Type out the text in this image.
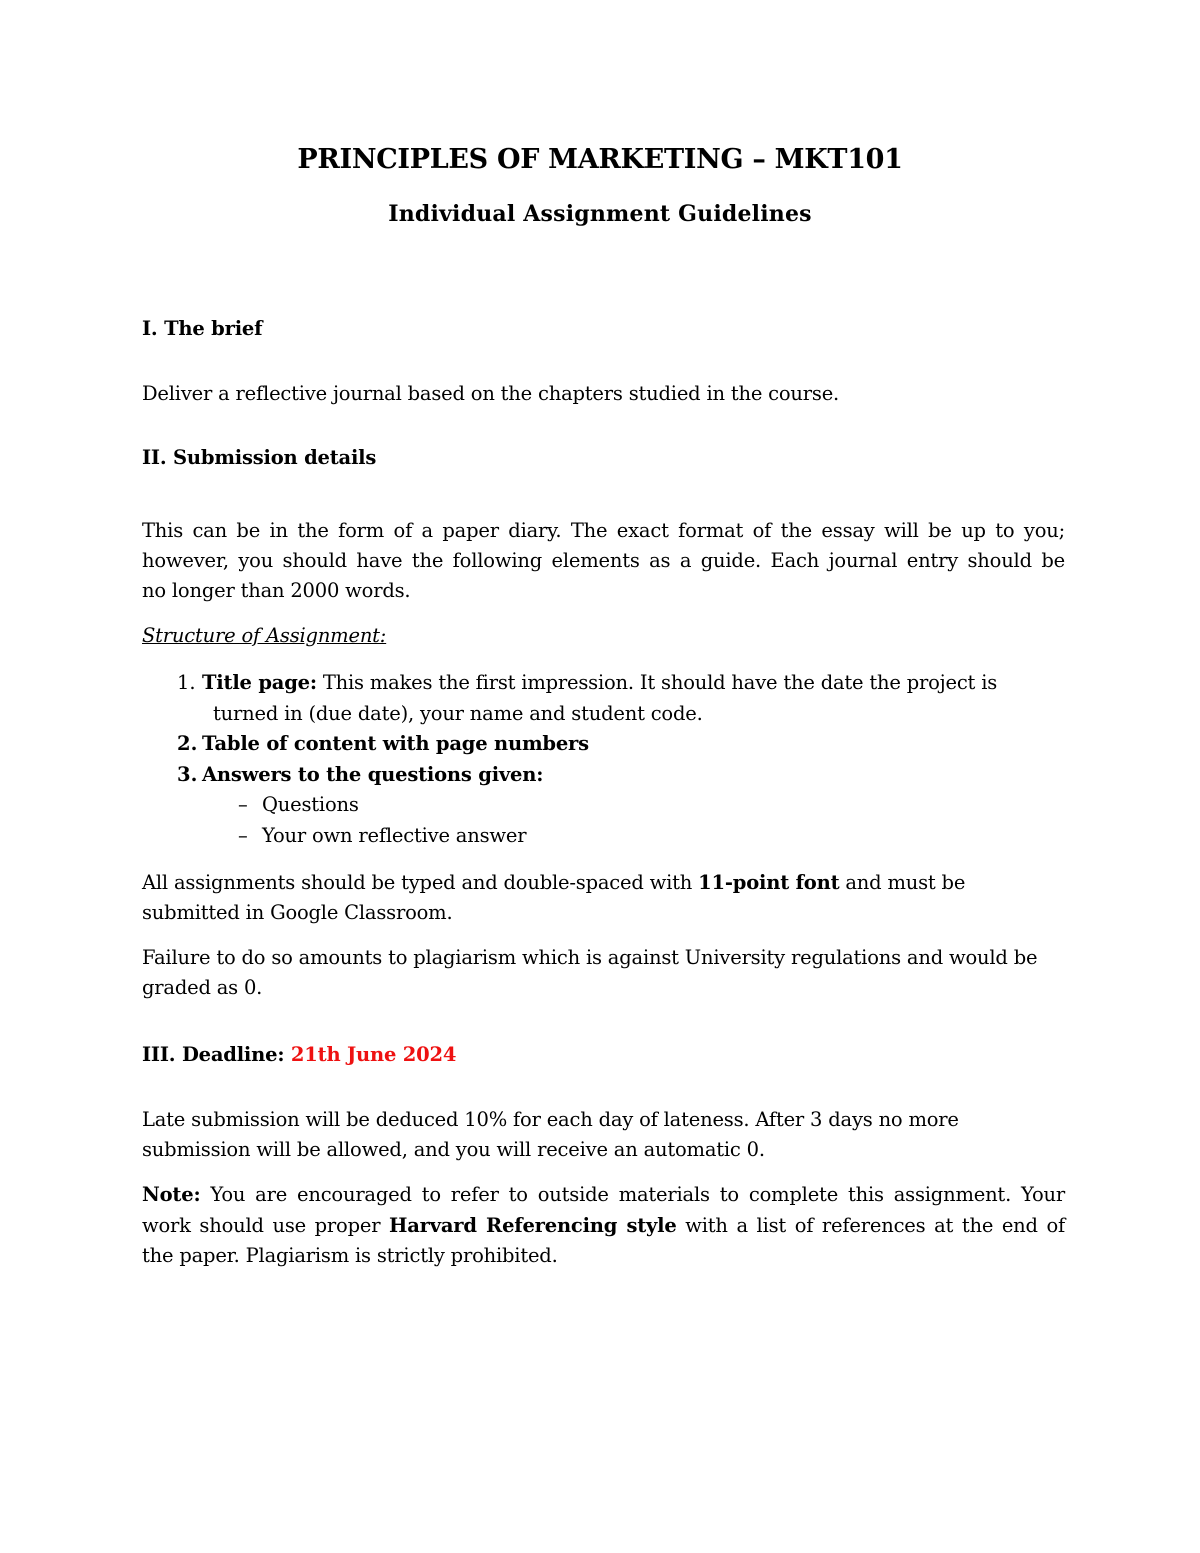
PRINCIPLES OF MARKETING – MKT101
Individual Assignment Guidelines
I. The brief
Deliver a reflective journal based on the chapters studied in the course.
II. Submission details
This can be in the form of a paper diary. The exact format of the essay will be up to you;
however, you should have the following elements as a guide. Each journal entry should be
no longer than 2000 words.
Structure of Assignment:
1. Title page: This makes the first impression. It should have the date the project is
turned in (due date), your name and student code.
2. Table of content with page numbers
3. Answers to the questions given:
– Questions
– Your own reflective answer
All assignments should be typed and double-spaced with 11-point font and must be
submitted in Google Classroom.
Failure to do so amounts to plagiarism which is against University regulations and would be
graded as 0.
III. Deadline: 21th June 2024
Late submission will be deduced 10% for each day of lateness. After 3 days no more
submission will be allowed, and you will receive an automatic 0.
Note: You are encouraged to refer to outside materials to complete this assignment. Your
work should use proper Harvard Referencing style with a list of references at the end of
the paper. Plagiarism is strictly prohibited.
